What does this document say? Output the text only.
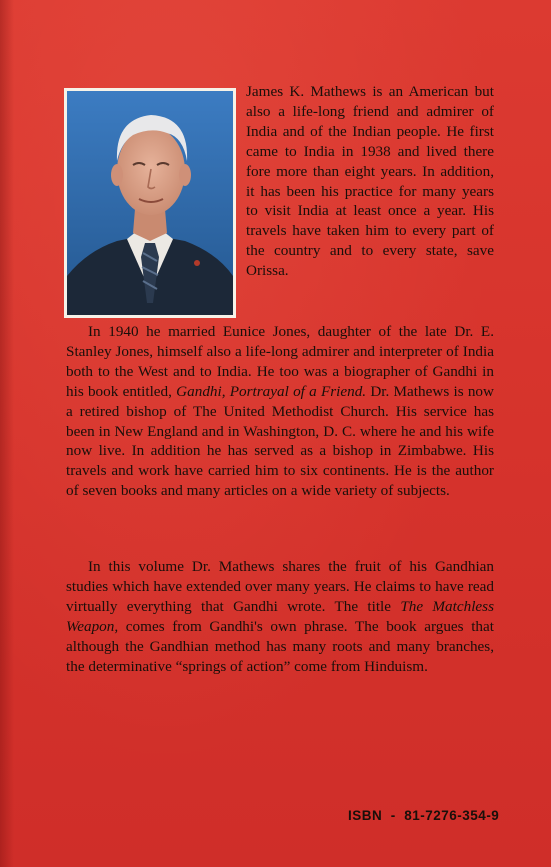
James K. Mathews is an American but also a life-long friend and admirer of India and of the Indian people. He first came to India in 1938 and lived there fore more than eight years. In addition, it has been his practice for many years to visit India at least once a year. His travels have taken him to every part of the country and to every state, save Orissa.

In 1940 he married Eunice Jones, daughter of the late Dr. E. Stanley Jones, himself also a life-long admirer and interpreter of India both to the West and to India. He too was a biographer of Gandhi in his book entitled, Gandhi, Portrayal of a Friend. Dr. Mathews is now a retired bishop of The United Methodist Church. His service has been in New England and in Washington, D. C. where he and his wife now live. In addition he has served as a bishop in Zimbabwe. His travels and work have carried him to six continents. He is the author of seven books and many articles on a wide variety of subjects.

In this volume Dr. Mathews shares the fruit of his Gandhian studies which have extended over many years. He claims to have read virtually everything that Gandhi wrote. The title The Matchless Weapon, comes from Gandhi's own phrase. The book argues that although the Gandhian method has many roots and many branches, the determinative “springs of action” come from Hinduism.

ISBN  -  81-7276-354-9
